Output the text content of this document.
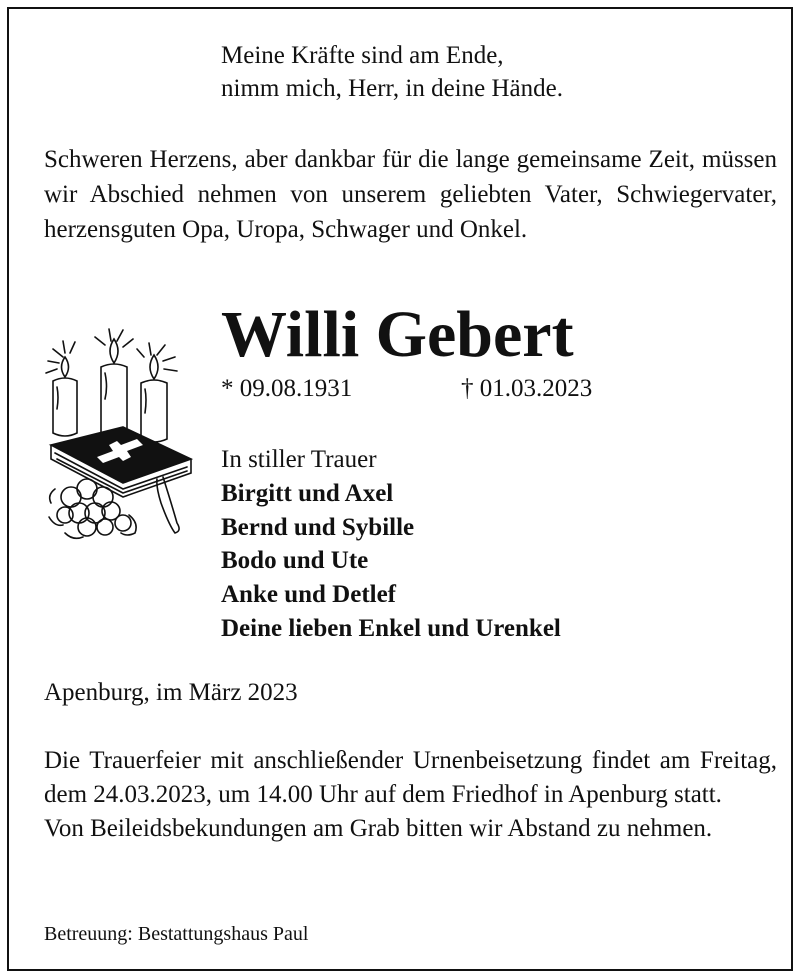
Meine Kräfte sind am Ende,
nimm mich, Herr, in deine Hände.
Schweren Herzens, aber dankbar für die lange gemeinsame Zeit, müssen wir Abschied nehmen von unserem geliebten Vater, Schwiegervater, herzensguten Opa, Uropa, Schwager und Onkel.
Willi Gebert
* 09.08.1931	† 01.03.2023
In stiller Trauer
Birgitt und Axel
Bernd und Sybille
Bodo und Ute
Anke und Detlef
Deine lieben Enkel und Urenkel
Apenburg, im März 2023
Die Trauerfeier mit anschließender Urnenbeisetzung findet am Freitag, dem 24.03.2023, um 14.00 Uhr auf dem Friedhof in Apenburg statt.
Von Beileidsbekundungen am Grab bitten wir Abstand zu nehmen.
Betreuung: Bestattungshaus Paul
